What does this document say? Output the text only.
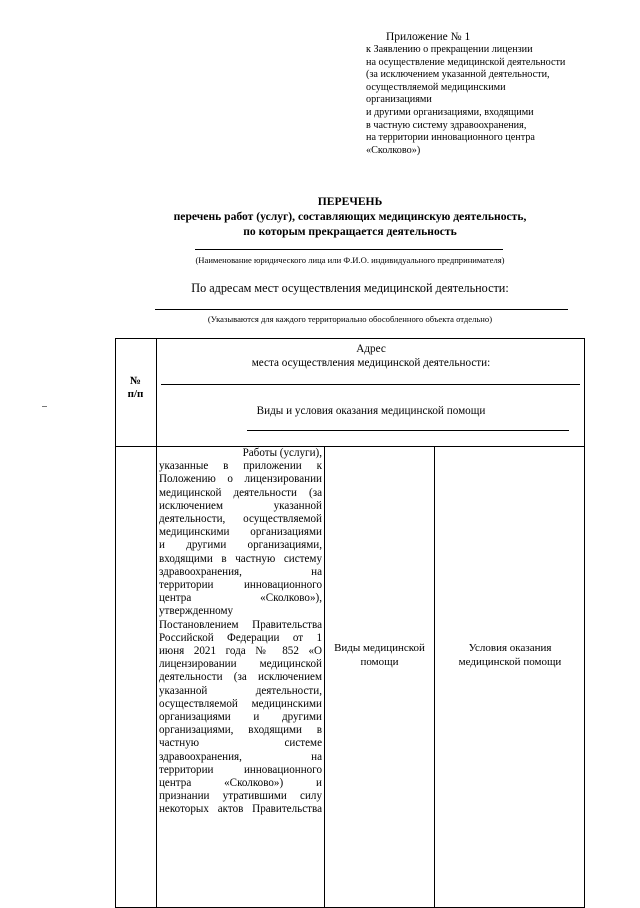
Приложение № 1
к Заявлению о прекращении лицензии
на осуществление медицинской деятельности
(за исключением указанной деятельности,
осуществляемой медицинскими
организациями
и другими организациями, входящими
в частную систему здравоохранения,
на территории инновационного центра
«Сколково»)
ПЕРЕЧЕНЬ
перечень работ (услуг), составляющих медицинскую деятельность,
по которым прекращается деятельность
(Наименование юридического лица или Ф.И.О. индивидуального предпринимателя)
По адресам мест осуществления медицинской деятельности:
(Указываются для каждого территориально обособленного объекта отдельно)
№
п/п
Адрес
места осуществления медицинской деятельности:
Виды и условия оказания медицинской помощи
Работы (услуги),
указанные в приложении к
Положению о лицензировании
медицинской деятельности (за
исключением указанной
деятельности, осуществляемой
медицинскими организациями
и другими организациями,
входящими в частную систему
здравоохранения, на
территории инновационного
центра «Сколково»),
утвержденному
Постановлением Правительства
Российской Федерации от 1
июня 2021 года № 852 «О
лицензировании медицинской
деятельности (за исключением
указанной деятельности,
осуществляемой медицинскими
организациями и другими
организациями, входящими в
частную системе
здравоохранения, на
территории инновационного
центра «Сколково») и
признании утратившими силу
некоторых актов Правительства
Виды медицинской
помощи
Условия оказания
медицинской помощи
